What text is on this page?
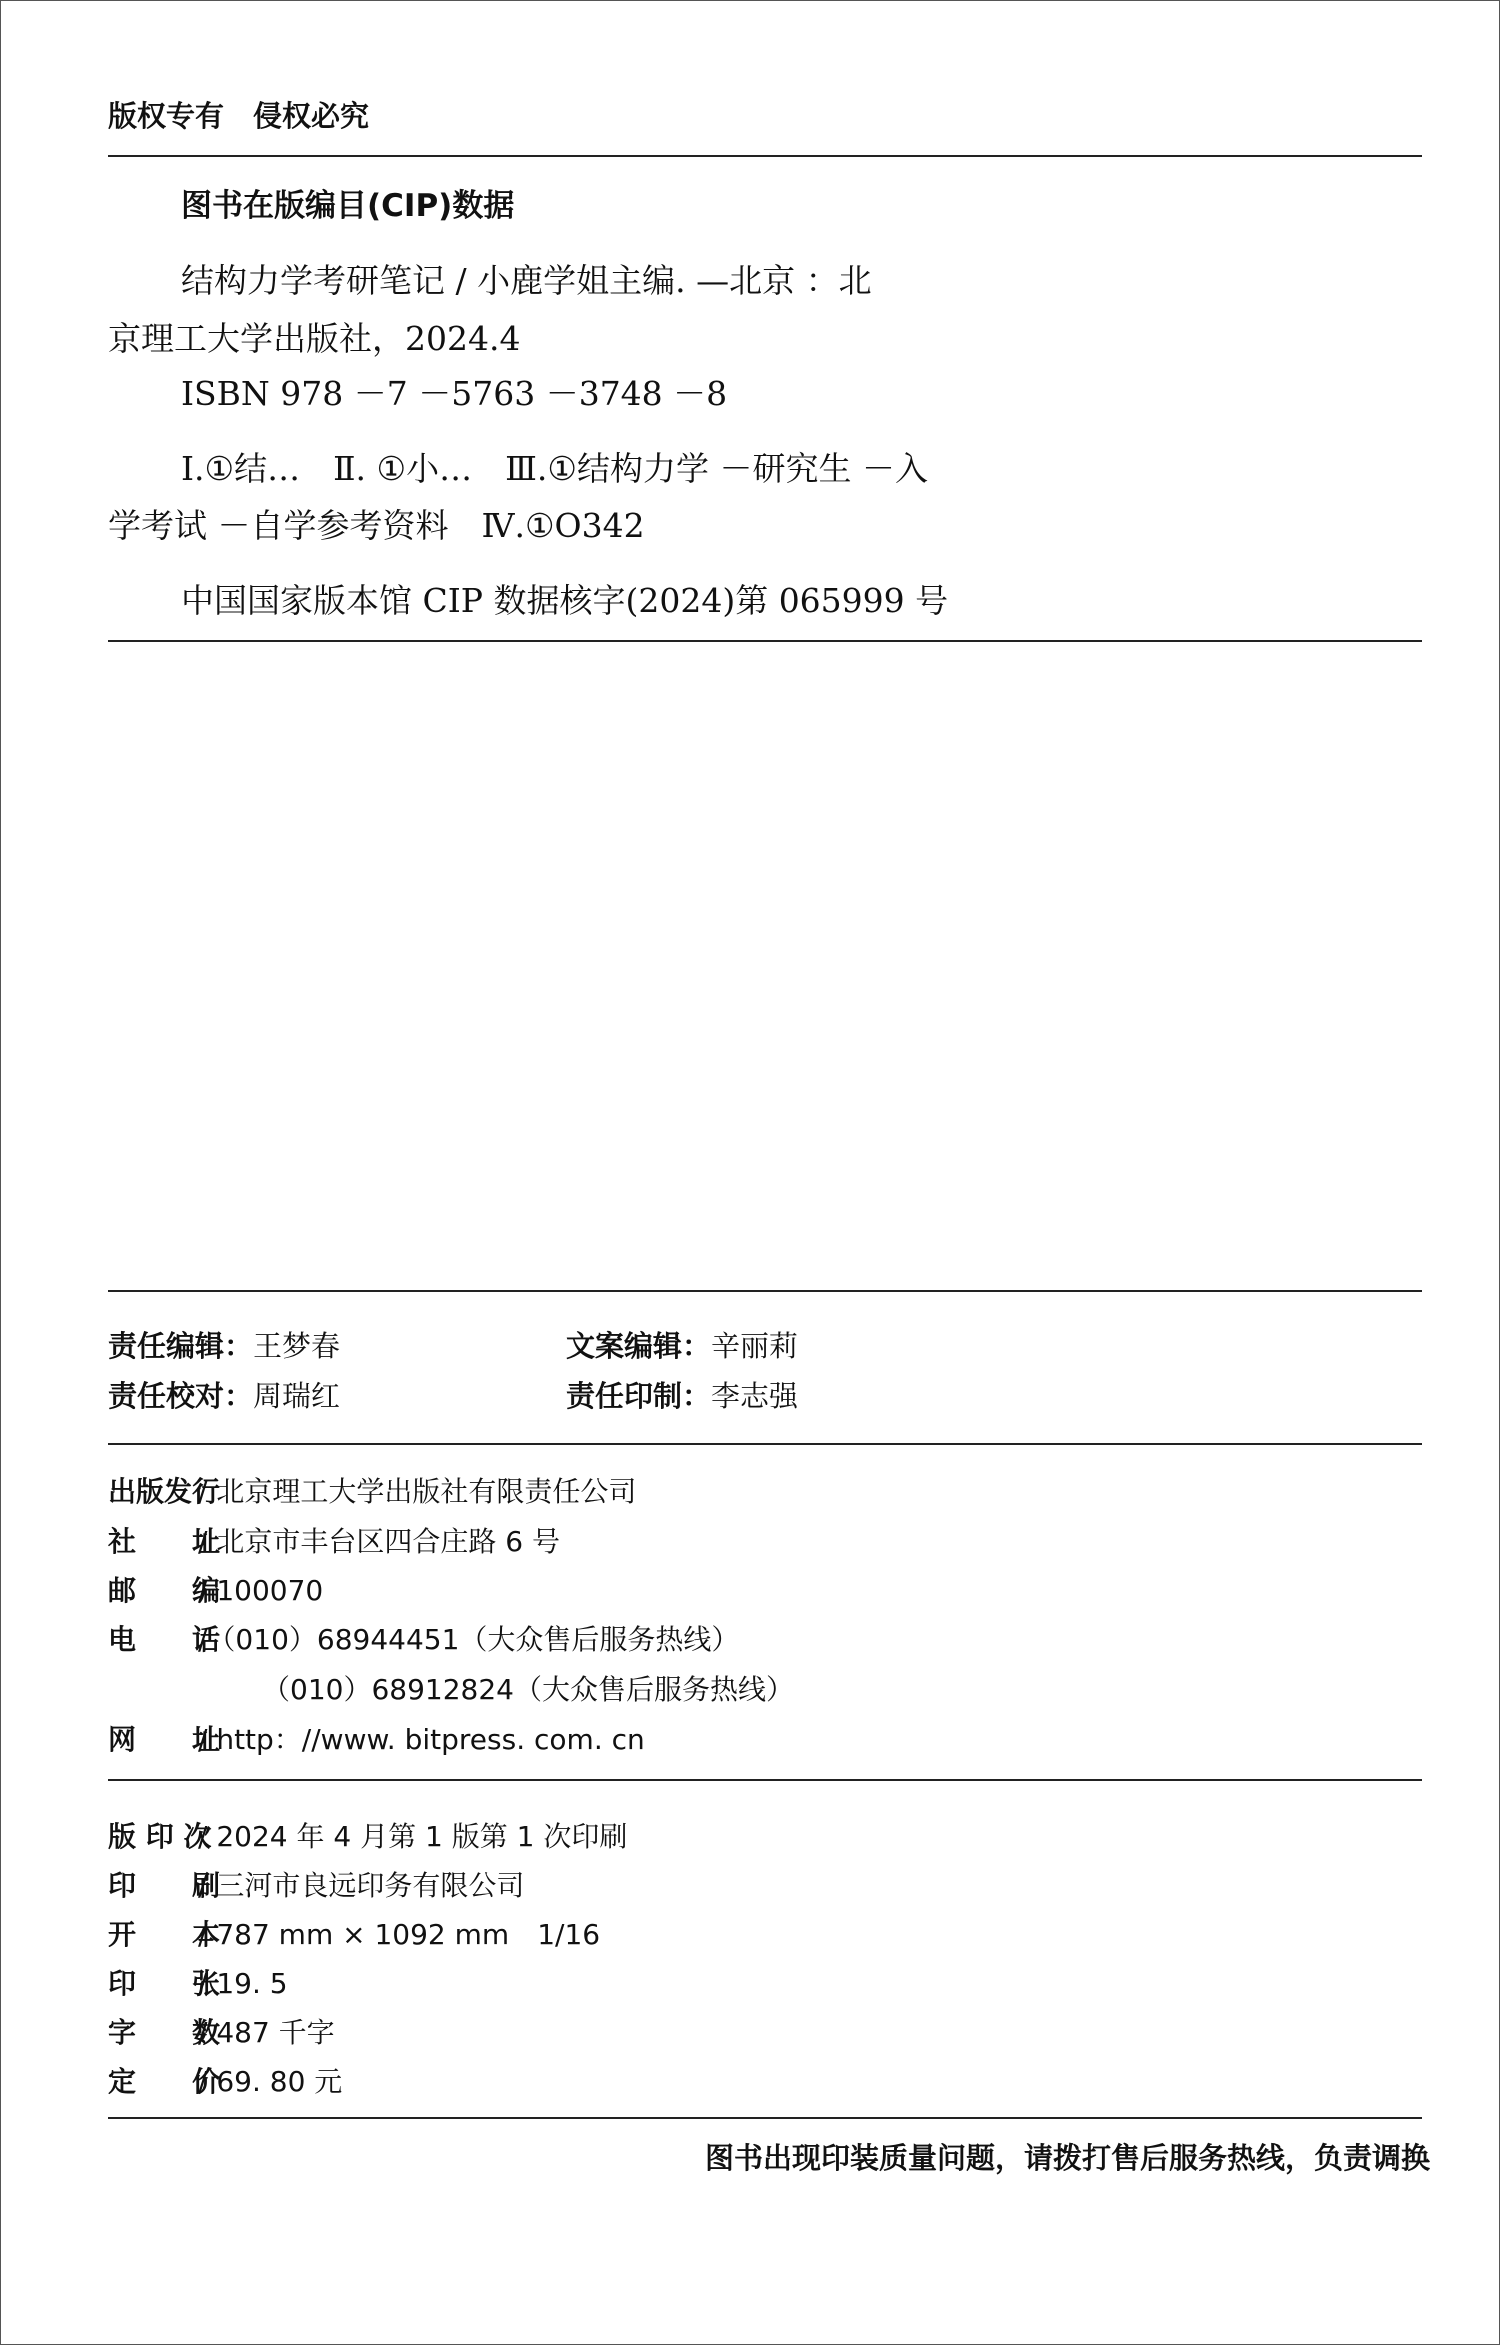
版权专有　侵权必究
图书在版编目(CIP)数据
结构力学考研笔记 / 小鹿学姐主编. —北京 ：北
京理工大学出版社，2024.4
ISBN 978 －7 －5763 －3748 －8
Ⅰ.①结…　Ⅱ. ①小…　Ⅲ.①结构力学 －研究生 －入
学考试 －自学参考资料　Ⅳ.①O342
中国国家版本馆 CIP 数据核字(2024)第 065999 号
责任编辑：王梦春	文案编辑：辛丽莉
责任校对：周瑞红	责任印制：李志强
出版发行/ 北京理工大学出版社有限责任公司
社　　址/ 北京市丰台区四合庄路 6 号
邮　　编/ 100070
电　　话/（010）68944451（大众售后服务热线）
（010）68912824（大众售后服务热线）
网　　址/ http：//www. bitpress. com. cn
版 印 次/ 2024 年 4 月第 1 版第 1 次印刷
印　　刷/ 三河市良远印务有限公司
开　　本/ 787 mm × 1092 mm　1/16
印　　张/ 19. 5
字　　数/ 487 千字
定　　价/ 69. 80 元
图书出现印装质量问题，请拨打售后服务热线，负责调换
